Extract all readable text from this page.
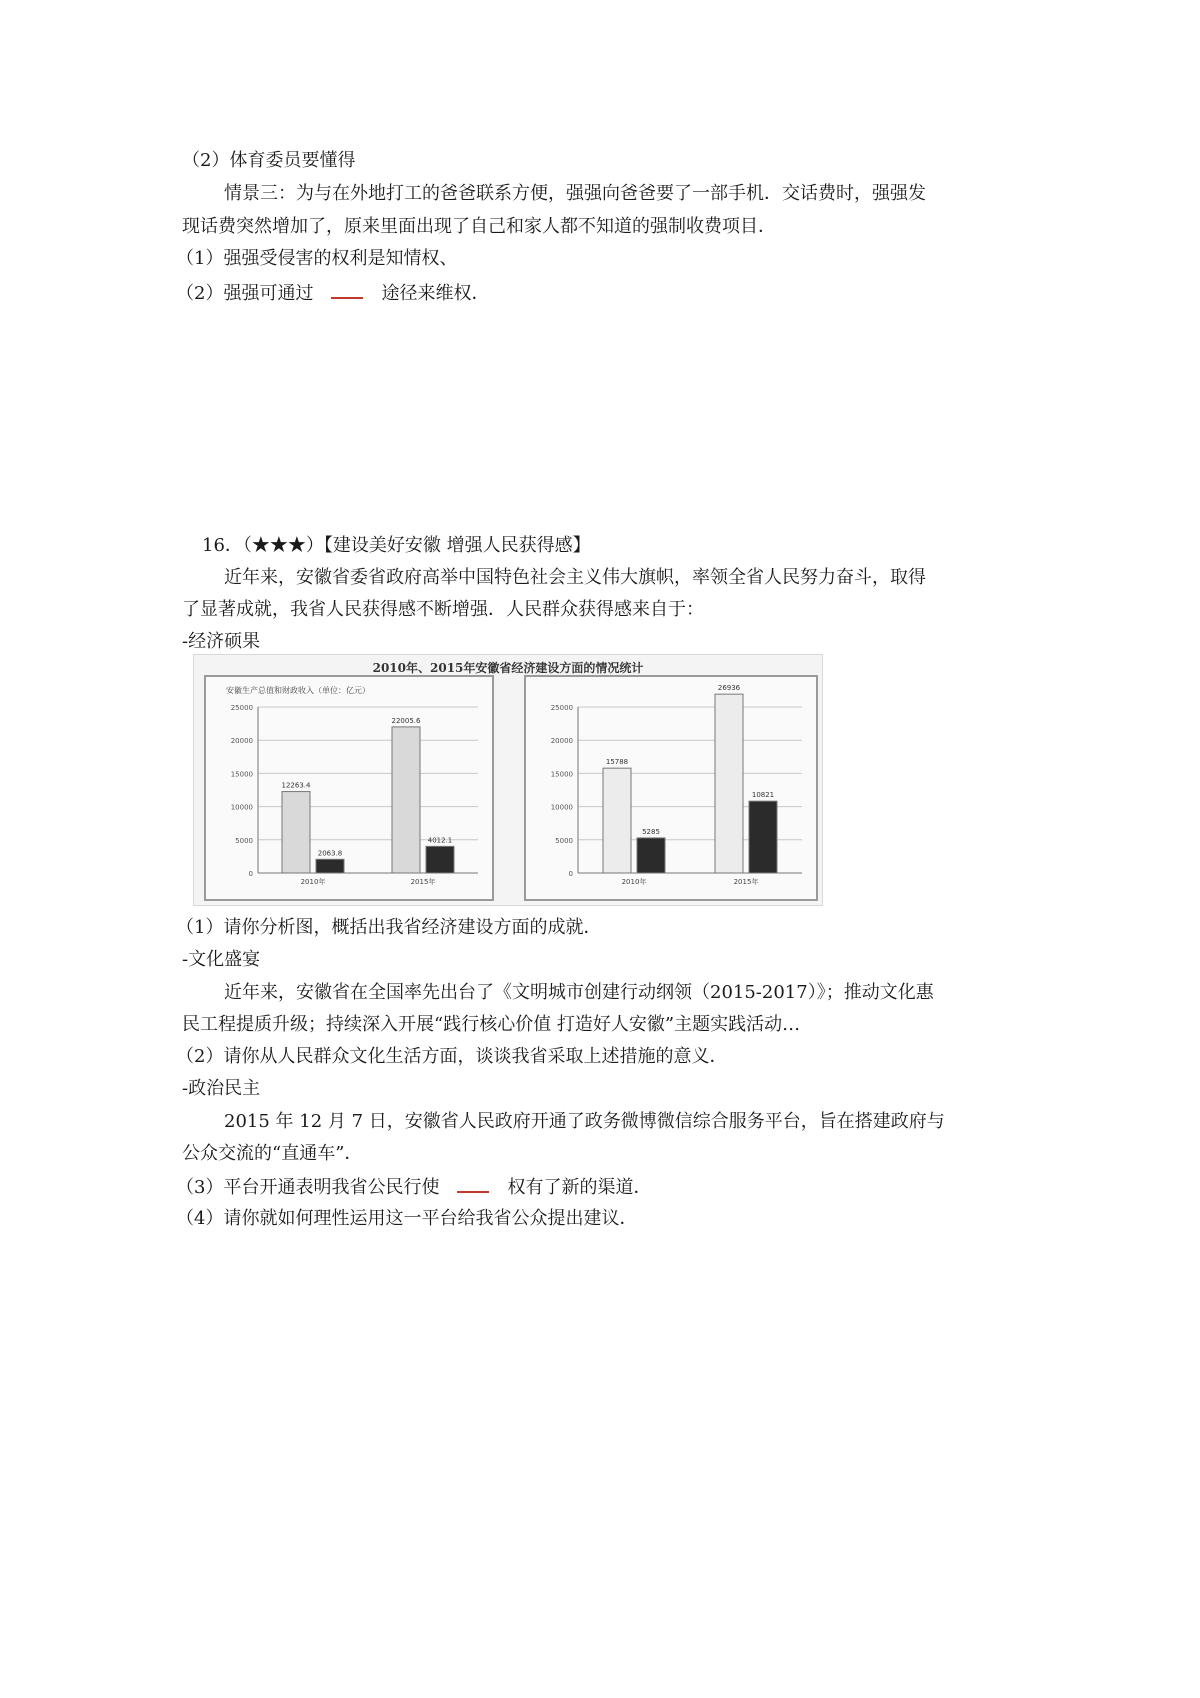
（2）体育委员要懂得
情景三：为与在外地打工的爸爸联系方便，强强向爸爸要了一部手机．交话费时，强强发
现话费突然增加了，原来里面出现了自己和家人都不知道的强制收费项目．
（1）强强受侵害的权利是知情权、
（2）强强可通过	途径来维权．
16．（★★★）【建设美好安徽 增强人民获得感】
近年来，安徽省委省政府高举中国特色社会主义伟大旗帜，率领全省人民努力奋斗，取得
了显著成就，我省人民获得感不断增强．人民群众获得感来自于：
-经济硕果
2010年、2015年安徽省经济建设方面的情况统计
安徽生产总值和财政收入（单位：亿元）
0
5000
10000
15000
20000
25000
12263.4
2063.8
2010年
22005.6
4012.1
2015年
0
5000
10000
15000
20000
25000
15788
5285
2010年
26936
10821
2015年
（1）请你分析图，概括出我省经济建设方面的成就．
-文化盛宴
近年来，安徽省在全国率先出台了《文明城市创建行动纲领（2015-2017）》；推动文化惠
民工程提质升级；持续深入开展“践行核心价值 打造好人安徽”主题实践活动…
（2）请你从人民群众文化生活方面，谈谈我省采取上述措施的意义．
-政治民主
2015 年 12 月 7 日，安徽省人民政府开通了政务微博微信综合服务平台，旨在搭建政府与
公众交流的“直通车”．
（3）平台开通表明我省公民行使	权有了新的渠道．
（4）请你就如何理性运用这一平台给我省公众提出建议．
